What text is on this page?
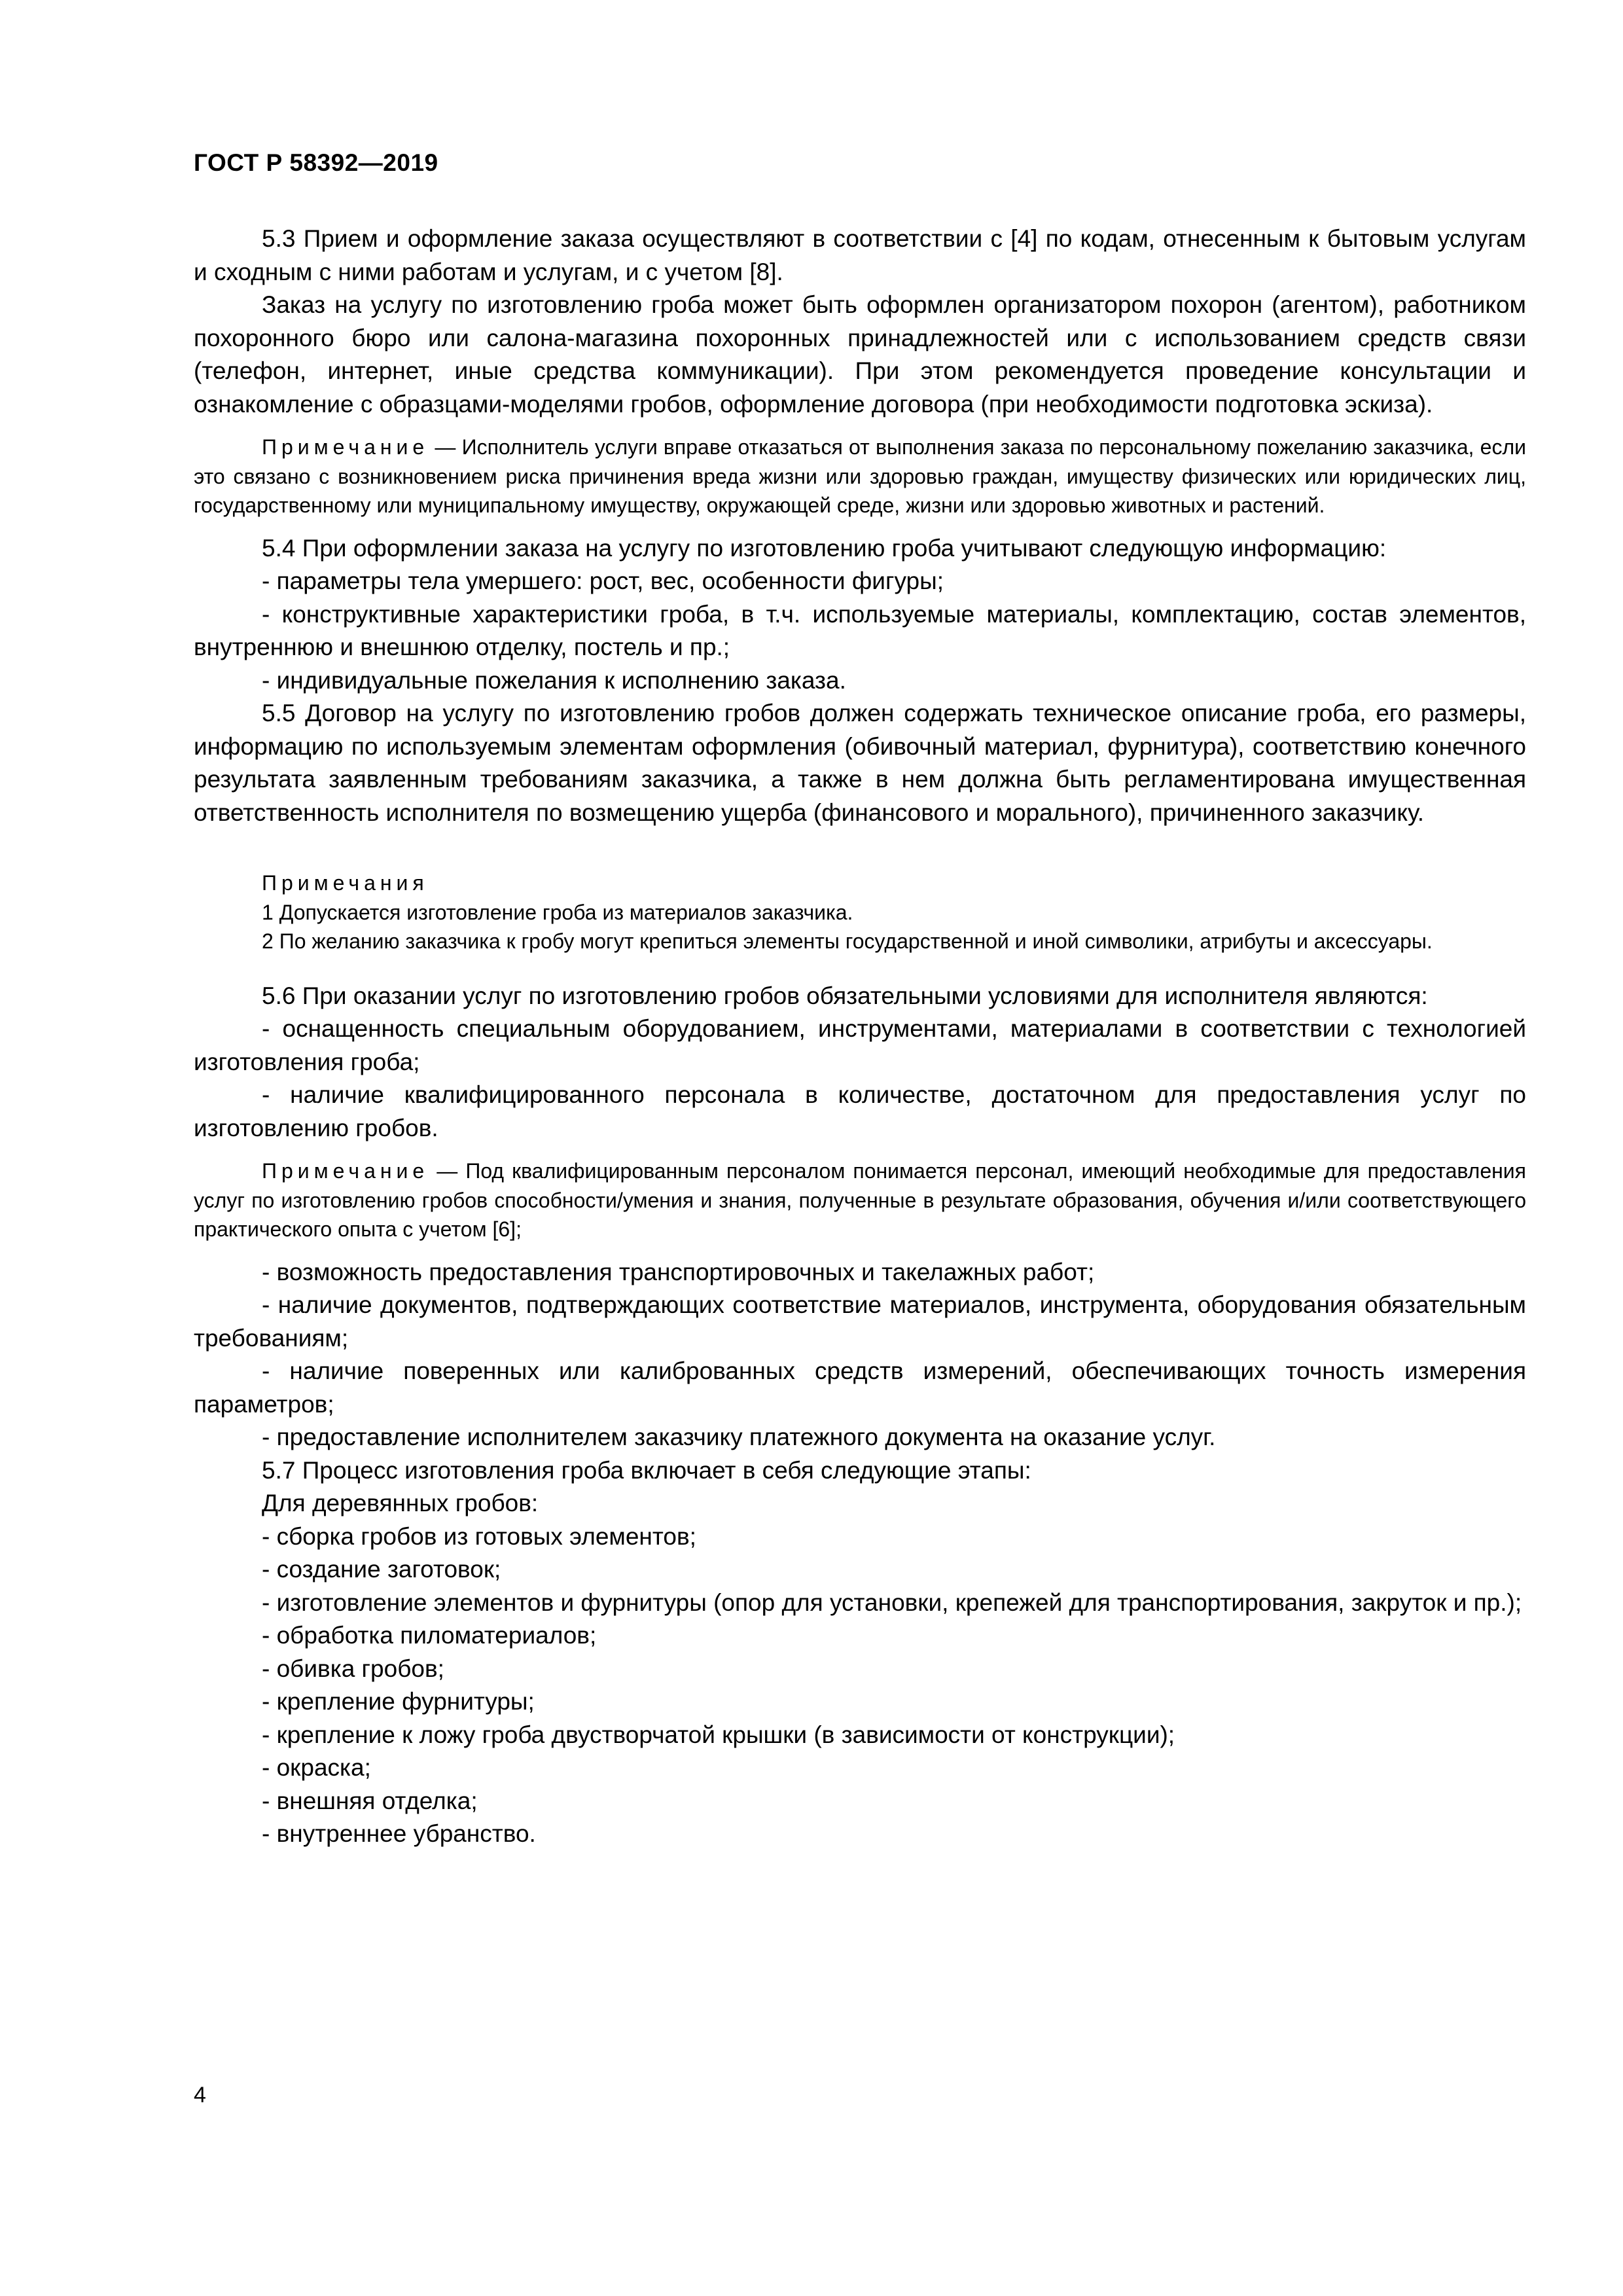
ГОСТ Р 58392—2019

5.3 Прием и оформление заказа осуществляют в соответствии с [4] по кодам, отнесенным к бытовым услугам и сходным с ними работам и услугам, и с учетом [8].

Заказ на услугу по изготовлению гроба может быть оформлен организатором похорон (агентом), работником похоронного бюро или салона-магазина похоронных принадлежностей или с использованием средств связи (телефон, интернет, иные средства коммуникации). При этом рекомендуется проведение консультации и ознакомление с образцами-моделями гробов, оформление договора (при необходимости подготовка эскиза).

Примечание — Исполнитель услуги вправе отказаться от выполнения заказа по персональному пожеланию заказчика, если это связано с возникновением риска причинения вреда жизни или здоровью граждан, имуществу физических или юридических лиц, государственному или муниципальному имуществу, окружающей среде, жизни или здоровью животных и растений.

5.4 При оформлении заказа на услугу по изготовлению гроба учитывают следующую информацию:

- параметры тела умершего: рост, вес, особенности фигуры;

- конструктивные характеристики гроба, в т.ч. используемые материалы, комплектацию, состав элементов, внутреннюю и внешнюю отделку, постель и пр.;

- индивидуальные пожелания к исполнению заказа.

5.5 Договор на услугу по изготовлению гробов должен содержать техническое описание гроба, его размеры, информацию по используемым элементам оформления (обивочный материал, фурнитура), соответствию конечного результата заявленным требованиям заказчика, а также в нем должна быть регламентирована имущественная ответственность исполнителя по возмещению ущерба (финансового и морального), причиненного заказчику.

Примечания

1 Допускается изготовление гроба из материалов заказчика.

2 По желанию заказчика к гробу могут крепиться элементы государственной и иной символики, атрибуты и аксессуары.

5.6 При оказании услуг по изготовлению гробов обязательными условиями для исполнителя являются:

- оснащенность специальным оборудованием, инструментами, материалами в соответствии с технологией изготовления гроба;

- наличие квалифицированного персонала в количестве, достаточном для предоставления услуг по изготовлению гробов.

Примечание — Под квалифицированным персоналом понимается персонал, имеющий необходимые для предоставления услуг по изготовлению гробов способности/умения и знания, полученные в результате образования, обучения и/или соответствующего практического опыта с учетом [6];

- возможность предоставления транспортировочных и такелажных работ;

- наличие документов, подтверждающих соответствие материалов, инструмента, оборудования обязательным требованиям;

- наличие поверенных или калиброванных средств измерений, обеспечивающих точность измерения параметров;

- предоставление исполнителем заказчику платежного документа на оказание услуг.

5.7 Процесс изготовления гроба включает в себя следующие этапы:

Для деревянных гробов:

- сборка гробов из готовых элементов;

- создание заготовок;

- изготовление элементов и фурнитуры (опор для установки, крепежей для транспортирования, закруток и пр.);

- обработка пиломатериалов;

- обивка гробов;

- крепление фурнитуры;

- крепление к ложу гроба двустворчатой крышки (в зависимости от конструкции);

- окраска;

- внешняя отделка;

- внутреннее убранство.

4
